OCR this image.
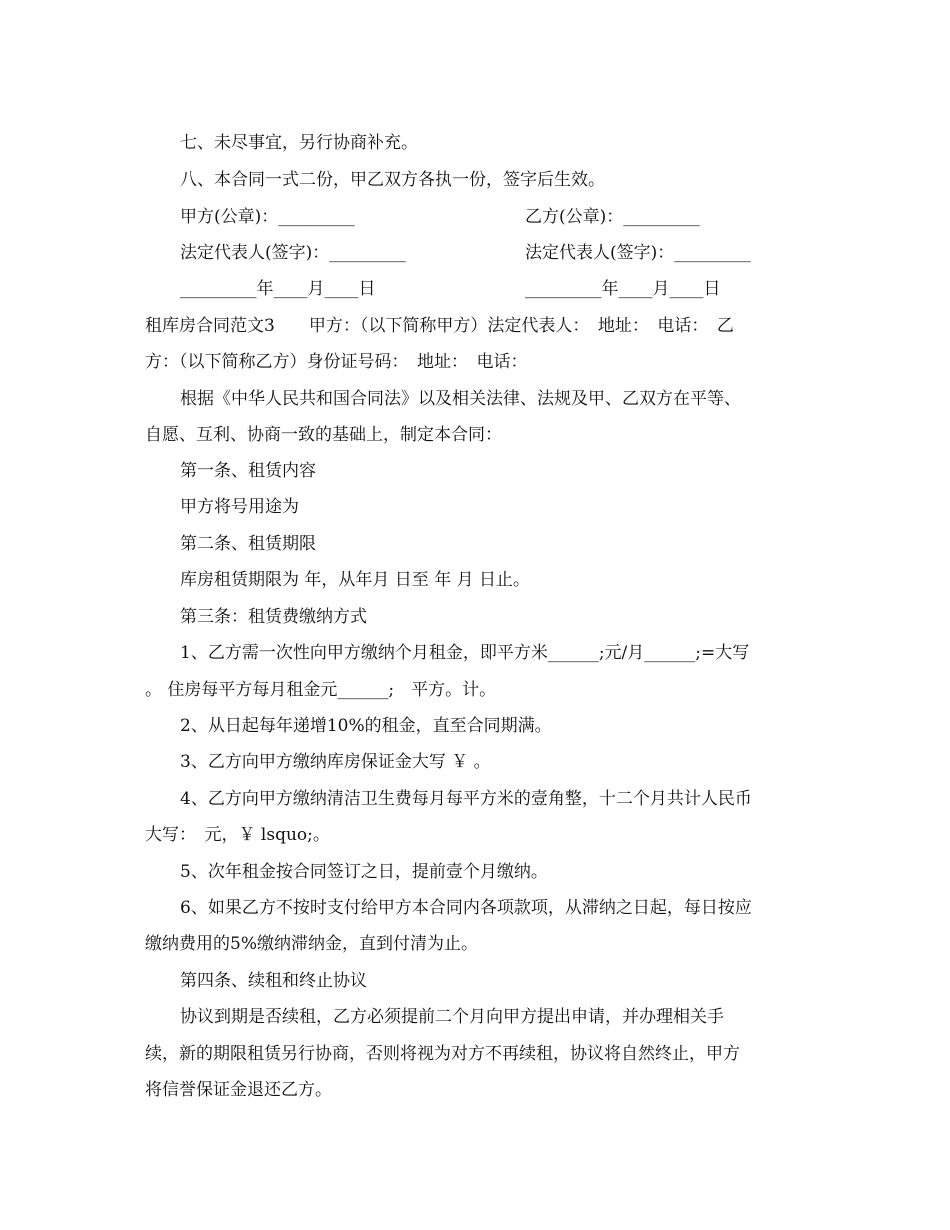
七、未尽事宜，另行协商补充。
八、本合同一式二份，甲乙双方各执一份，签字后生效。
甲方(公章)：_________	乙方(公章)：_________
法定代表人(签字)：_________	法定代表人(签字)：_________
_________年____月____日	_________年____月____日
租库房合同范文3　　甲方：（以下简称甲方）法定代表人：　地址：　电话：　乙
方：（以下简称乙方）身份证号码：　地址：　电话：
根据《中华人民共和国合同法》以及相关法律、法规及甲、乙双方在平等、
自愿、互利、协商一致的基础上，制定本合同：
第一条、租赁内容
甲方将号用途为
第二条、租赁期限
库房租赁期限为 年，从年月 日至 年 月 日止。
第三条：租赁费缴纳方式
1、乙方需一次性向甲方缴纳个月租金，即平方米______;元/月______;=大写
。 住房每平方每月租金元______;　平方。计。
2、从日起每年递增10%的租金，直至合同期满。
3、乙方向甲方缴纳库房保证金大写 ￥ 。
4、乙方向甲方缴纳清洁卫生费每月每平方米的壹角整，十二个月共计人民币
大写：　元，￥ lsquo;。
5、次年租金按合同签订之日，提前壹个月缴纳。
6、如果乙方不按时支付给甲方本合同内各项款项，从滞纳之日起，每日按应
缴纳费用的5%缴纳滞纳金，直到付清为止。
第四条、续租和终止协议
协议到期是否续租，乙方必须提前二个月向甲方提出申请，并办理相关手
续，新的期限租赁另行协商，否则将视为对方不再续租，协议将自然终止，甲方
将信誉保证金退还乙方。
